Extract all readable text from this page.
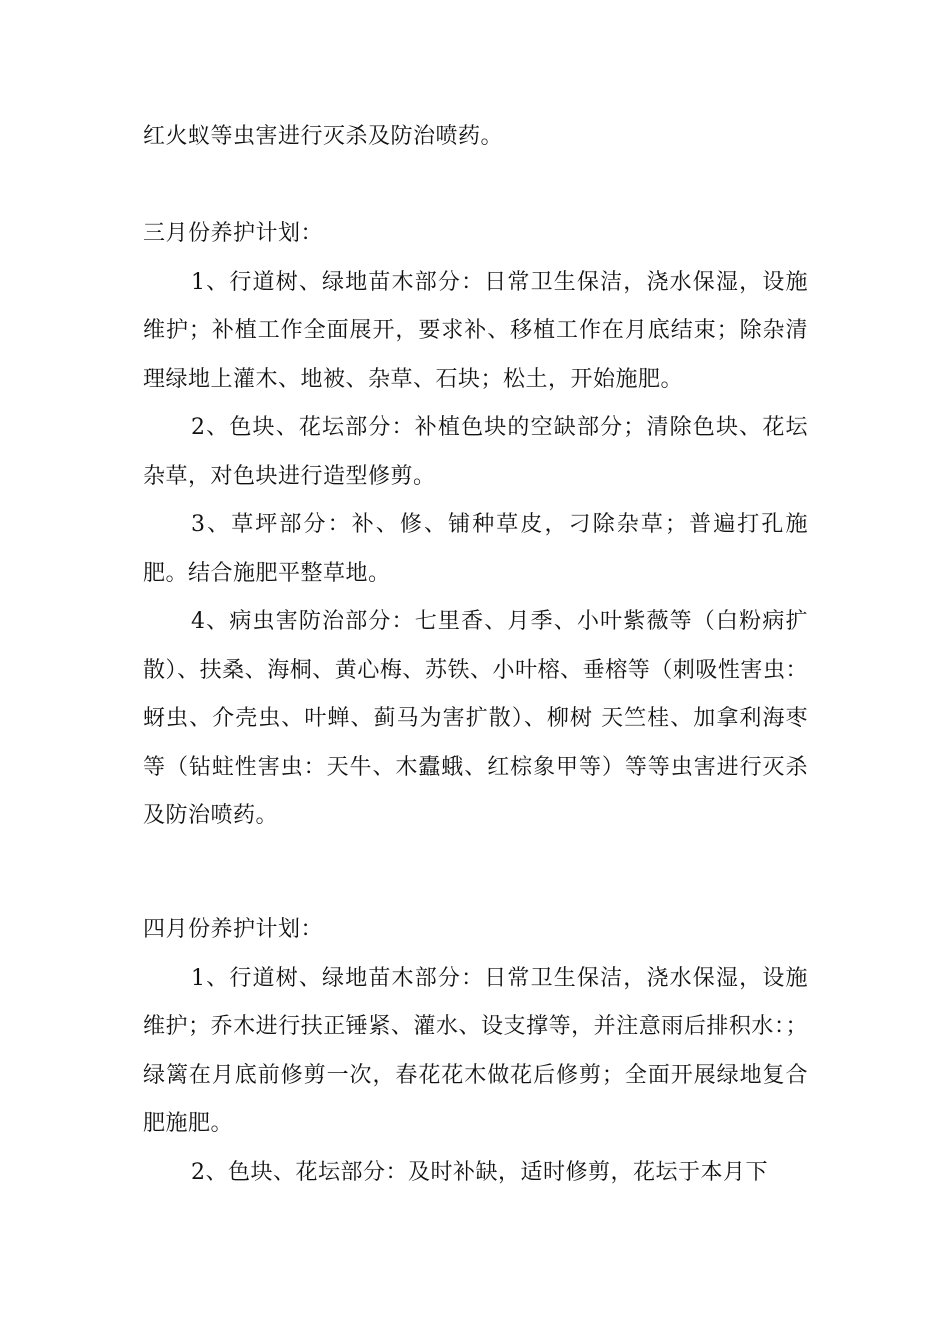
红火蚁等虫害进行灭杀及防治喷药。

三月份养护计划：

1、行道树、绿地苗木部分：日常卫生保洁，浇水保湿，设施维护；补植工作全面展开，要求补、移植工作在月底结束；除杂清理绿地上灌木、地被、杂草、石块；松土，开始施肥。

2、色块、花坛部分：补植色块的空缺部分；清除色块、花坛杂草，对色块进行造型修剪。

3、草坪部分：补、修、铺种草皮，刁除杂草；普遍打孔施肥。结合施肥平整草地。

4、病虫害防治部分：七里香、月季、小叶紫薇等（白粉病扩散）、扶桑、海桐、黄心梅、苏铁、小叶榕、垂榕等（刺吸性害虫：蚜虫、介壳虫、叶蝉、蓟马为害扩散）、柳树 天竺桂、加拿利海枣等（钻蛀性害虫：天牛、木蠹蛾、红棕象甲等）等等虫害进行灭杀及防治喷药。

四月份养护计划：

1、行道树、绿地苗木部分：日常卫生保洁，浇水保湿，设施维护；乔木进行扶正锤紧、灌水、设支撑等，并注意雨后排积水：；绿篱在月底前修剪一次，春花花木做花后修剪；全面开展绿地复合肥施肥。

2、色块、花坛部分：及时补缺，适时修剪，花坛于本月下
